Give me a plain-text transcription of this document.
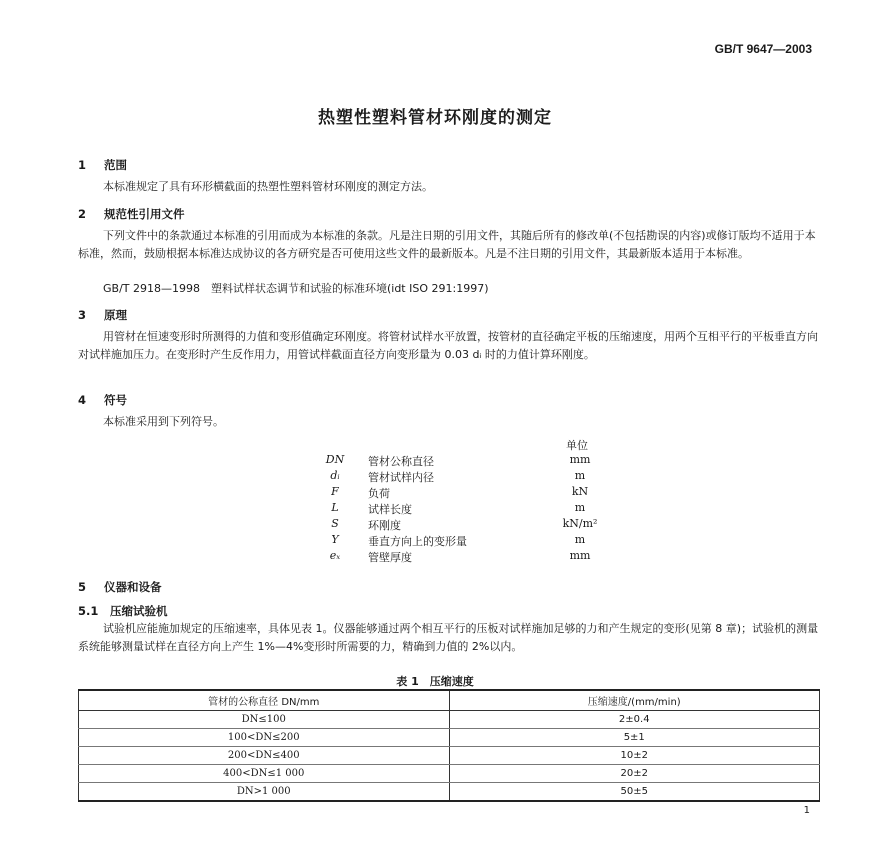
GB/T 9647—2003
热塑性塑料管材环刚度的测定
1 范围
本标准规定了具有环形横截面的热塑性塑料管材环刚度的测定方法。
2 规范性引用文件
下列文件中的条款通过本标准的引用而成为本标准的条款。凡是注日期的引用文件，其随后所有的修改单(不包括勘误的内容)或修订版均不适用于本标准，然而，鼓励根据本标准达成协议的各方研究是否可使用这些文件的最新版本。凡是不注日期的引用文件，其最新版本适用于本标准。
GB/T 2918—1998　塑料试样状态调节和试验的标准环境(idt ISO 291:1997)
3 原理
用管材在恒速变形时所测得的力值和变形值确定环刚度。将管材试样水平放置，按管材的直径确定平板的压缩速度，用两个互相平行的平板垂直方向对试样施加压力。在变形时产生反作用力，用管试样截面直径方向变形量为 0.03 dᵢ 时的力值计算环刚度。
4 符号
本标准采用到下列符号。
单位
DN	管材公称直径	mm
dᵢ	管材试样内径	m
F	负荷	kN
L	试样长度	m
S	环刚度	kN/m²
Y	垂直方向上的变形量	m
eₓ	管壁厚度	mm
5 仪器和设备
5.1 压缩试验机
试验机应能施加规定的压缩速率，具体见表 1。仪器能够通过两个相互平行的压板对试样施加足够的力和产生规定的变形(见第 8 章)；试验机的测量系统能够测量试样在直径方向上产生 1%—4%变形时所需要的力，精确到力值的 2%以内。
表 1　压缩速度
管材的公称直径 DN/mm	压缩速度/(mm/min)
DN≤100	2±0.4
100<DN≤200	5±1
200<DN≤400	10±2
400<DN≤1 000	20±2
DN>1 000	50±5
1
